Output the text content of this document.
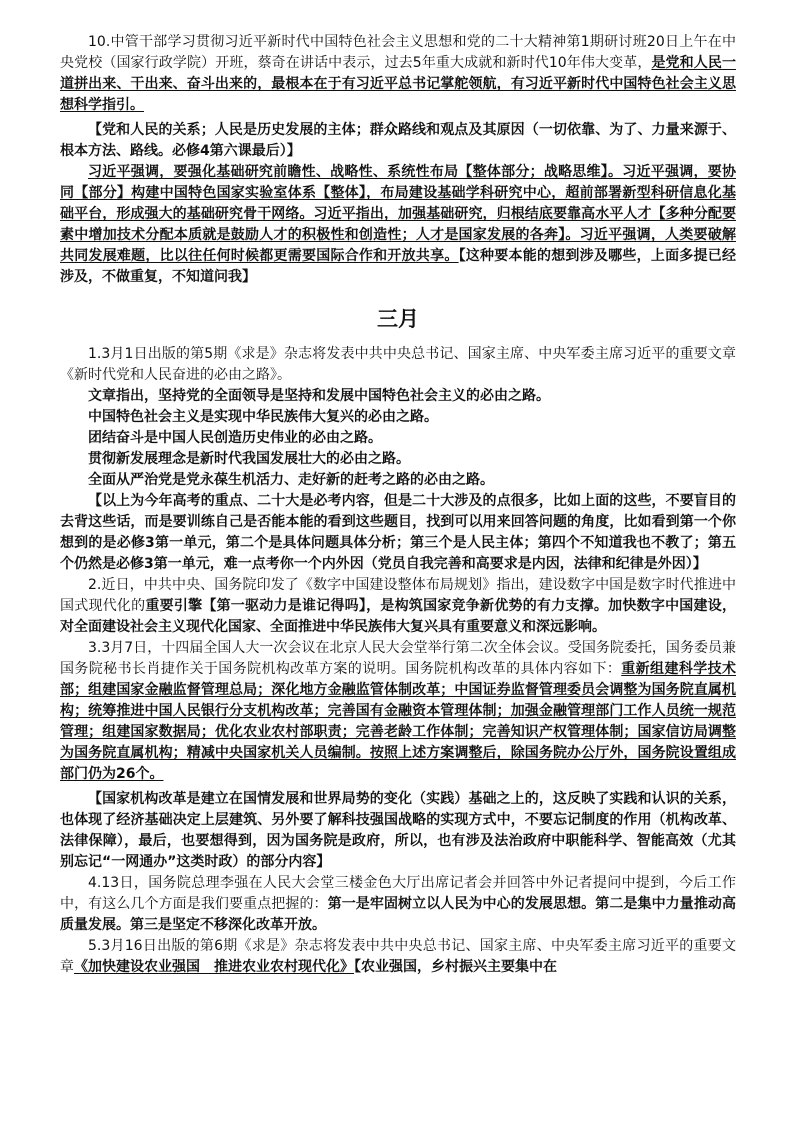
10.中管干部学习贯彻习近平新时代中国特色社会主义思想和党的二十大精神第1期研讨班20日上午在中央党校（国家行政学院）开班，蔡奇在讲话中表示，过去5年重大成就和新时代10年伟大变革，是党和人民一道拼出来、干出来、奋斗出来的，最根本在于有习近平总书记掌舵领航，有习近平新时代中国特色社会主义思想科学指引。

【党和人民的关系；人民是历史发展的主体；群众路线和观点及其原因（一切依靠、为了、力量来源于、根本方法、路线。必修4第六课最后）】

习近平强调，要强化基础研究前瞻性、战略性、系统性布局【整体部分；战略思维】。习近平强调，要协同【部分】构建中国特色国家实验室体系【整体】，布局建设基础学科研究中心，超前部署新型科研信息化基础平台，形成强大的基础研究骨干网络。习近平指出，加强基础研究，归根结底要靠高水平人才【多种分配要素中增加技术分配本质就是鼓励人才的积极性和创造性；人才是国家发展的各奔】。习近平强调，人类要破解共同发展难题，比以往任何时候都更需要国际合作和开放共享。【这种要本能的想到涉及哪些，上面多提已经涉及，不做重复，不知道问我】

三月

1.3月1日出版的第5期《求是》杂志将发表中共中央总书记、国家主席、中央军委主席习近平的重要文章《新时代党和人民奋进的必由之路》。

文章指出，坚持党的全面领导是坚持和发展中国特色社会主义的必由之路。

中国特色社会主义是实现中华民族伟大复兴的必由之路。

团结奋斗是中国人民创造历史伟业的必由之路。

贯彻新发展理念是新时代我国发展壮大的必由之路。

全面从严治党是党永葆生机活力、走好新的赶考之路的必由之路。

【以上为今年高考的重点、二十大是必考内容，但是二十大涉及的点很多，比如上面的这些，不要盲目的去背这些话，而是要训练自己是否能本能的看到这些题目，找到可以用来回答问题的角度，比如看到第一个你想到的是必修3第一单元，第二个是具体问题具体分析；第三个是人民主体；第四个不知道我也不教了；第五个仍然是必修3第一单元，难一点考你一个内外因（党员自我完善和高要求是内因，法律和纪律是外因）】

2.近日，中共中央、国务院印发了《数字中国建设整体布局规划》指出，建设数字中国是数字时代推进中国式现代化的重要引擎【第一驱动力是谁记得吗】，是构筑国家竞争新优势的有力支撑。加快数字中国建设，对全面建设社会主义现代化国家、全面推进中华民族伟大复兴具有重要意义和深远影响。

3.3月7日，十四届全国人大一次会议在北京人民大会堂举行第二次全体会议。受国务院委托，国务委员兼国务院秘书长肖捷作关于国务院机构改革方案的说明。国务院机构改革的具体内容如下：重新组建科学技术部；组建国家金融监督管理总局；深化地方金融监管体制改革；中国证券监督管理委员会调整为国务院直属机构；统筹推进中国人民银行分支机构改革；完善国有金融资本管理体制；加强金融管理部门工作人员统一规范管理；组建国家数据局；优化农业农村部职责；完善老龄工作体制；完善知识产权管理体制；国家信访局调整为国务院直属机构；精减中央国家机关人员编制。按照上述方案调整后，除国务院办公厅外，国务院设置组成部门仍为26个。

【国家机构改革是建立在国情发展和世界局势的变化（实践）基础之上的，这反映了实践和认识的关系，也体现了经济基础决定上层建筑、另外要了解科技强国战略的实现方式中，不要忘记制度的作用（机构改革、法律保障），最后，也要想得到，因为国务院是政府，所以，也有涉及法治政府中职能科学、智能高效（尤其别忘记“一网通办”这类时政）的部分内容】

4.13日，国务院总理李强在人民大会堂三楼金色大厅出席记者会并回答中外记者提问中提到，今后工作中，有这么几个方面是我们要重点把握的：第一是牢固树立以人民为中心的发展思想。第二是集中力量推动高质量发展。第三是坚定不移深化改革开放。

5.3月16日出版的第6期《求是》杂志将发表中共中央总书记、国家主席、中央军委主席习近平的重要文章《加快建设农业强国　推进农业农村现代化》【农业强国，乡村振兴主要集中在
